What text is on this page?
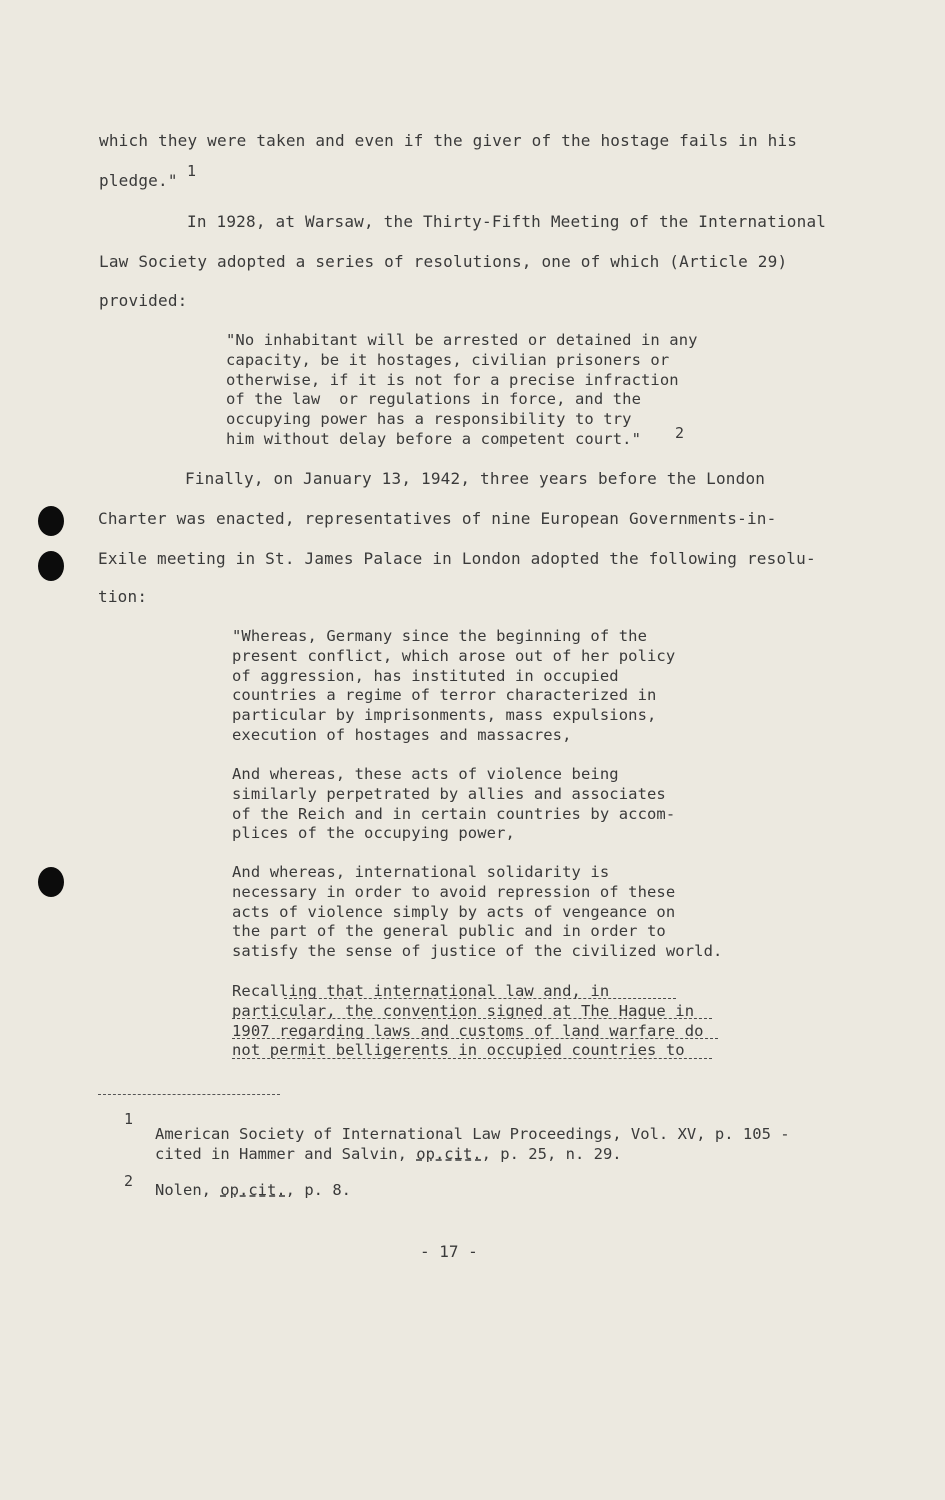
which they were taken and even if the giver of the hostage fails in his
pledge." 1
In 1928, at Warsaw, the Thirty-Fifth Meeting of the International
Law Society adopted a series of resolutions, one of which (Article 29)
provided:
"No inhabitant will be arrested or detained in any
capacity, be it hostages, civilian prisoners or
otherwise, if it is not for a precise infraction
of the law  or regulations in force, and the
occupying power has a responsibility to try
him without delay before a competent court."	2
Finally, on January 13, 1942, three years before the London
Charter was enacted, representatives of nine European Governments-in-
Exile meeting in St. James Palace in London adopted the following resolu-
tion:
"Whereas, Germany since the beginning of the
present conflict, which arose out of her policy
of aggression, has instituted in occupied
countries a regime of terror characterized in
particular by imprisonments, mass expulsions,
execution of hostages and massacres,
And whereas, these acts of violence being
similarly perpetrated by allies and associates
of the Reich and in certain countries by accom-
plices of the occupying power,
And whereas, international solidarity is
necessary in order to avoid repression of these
acts of violence simply by acts of vengeance on
the part of the general public and in order to
satisfy the sense of justice of the civilized world.
Recalling that international law and, in
particular, the convention signed at The Hague in
1907 regarding laws and customs of land warfare do
not permit belligerents in occupied countries to
1
American Society of International Law Proceedings, Vol. XV, p. 105 -
cited in Hammer and Salvin, op.cit., p. 25, n. 29.
2 Nolen, op.cit., p. 8.
- 17 -
